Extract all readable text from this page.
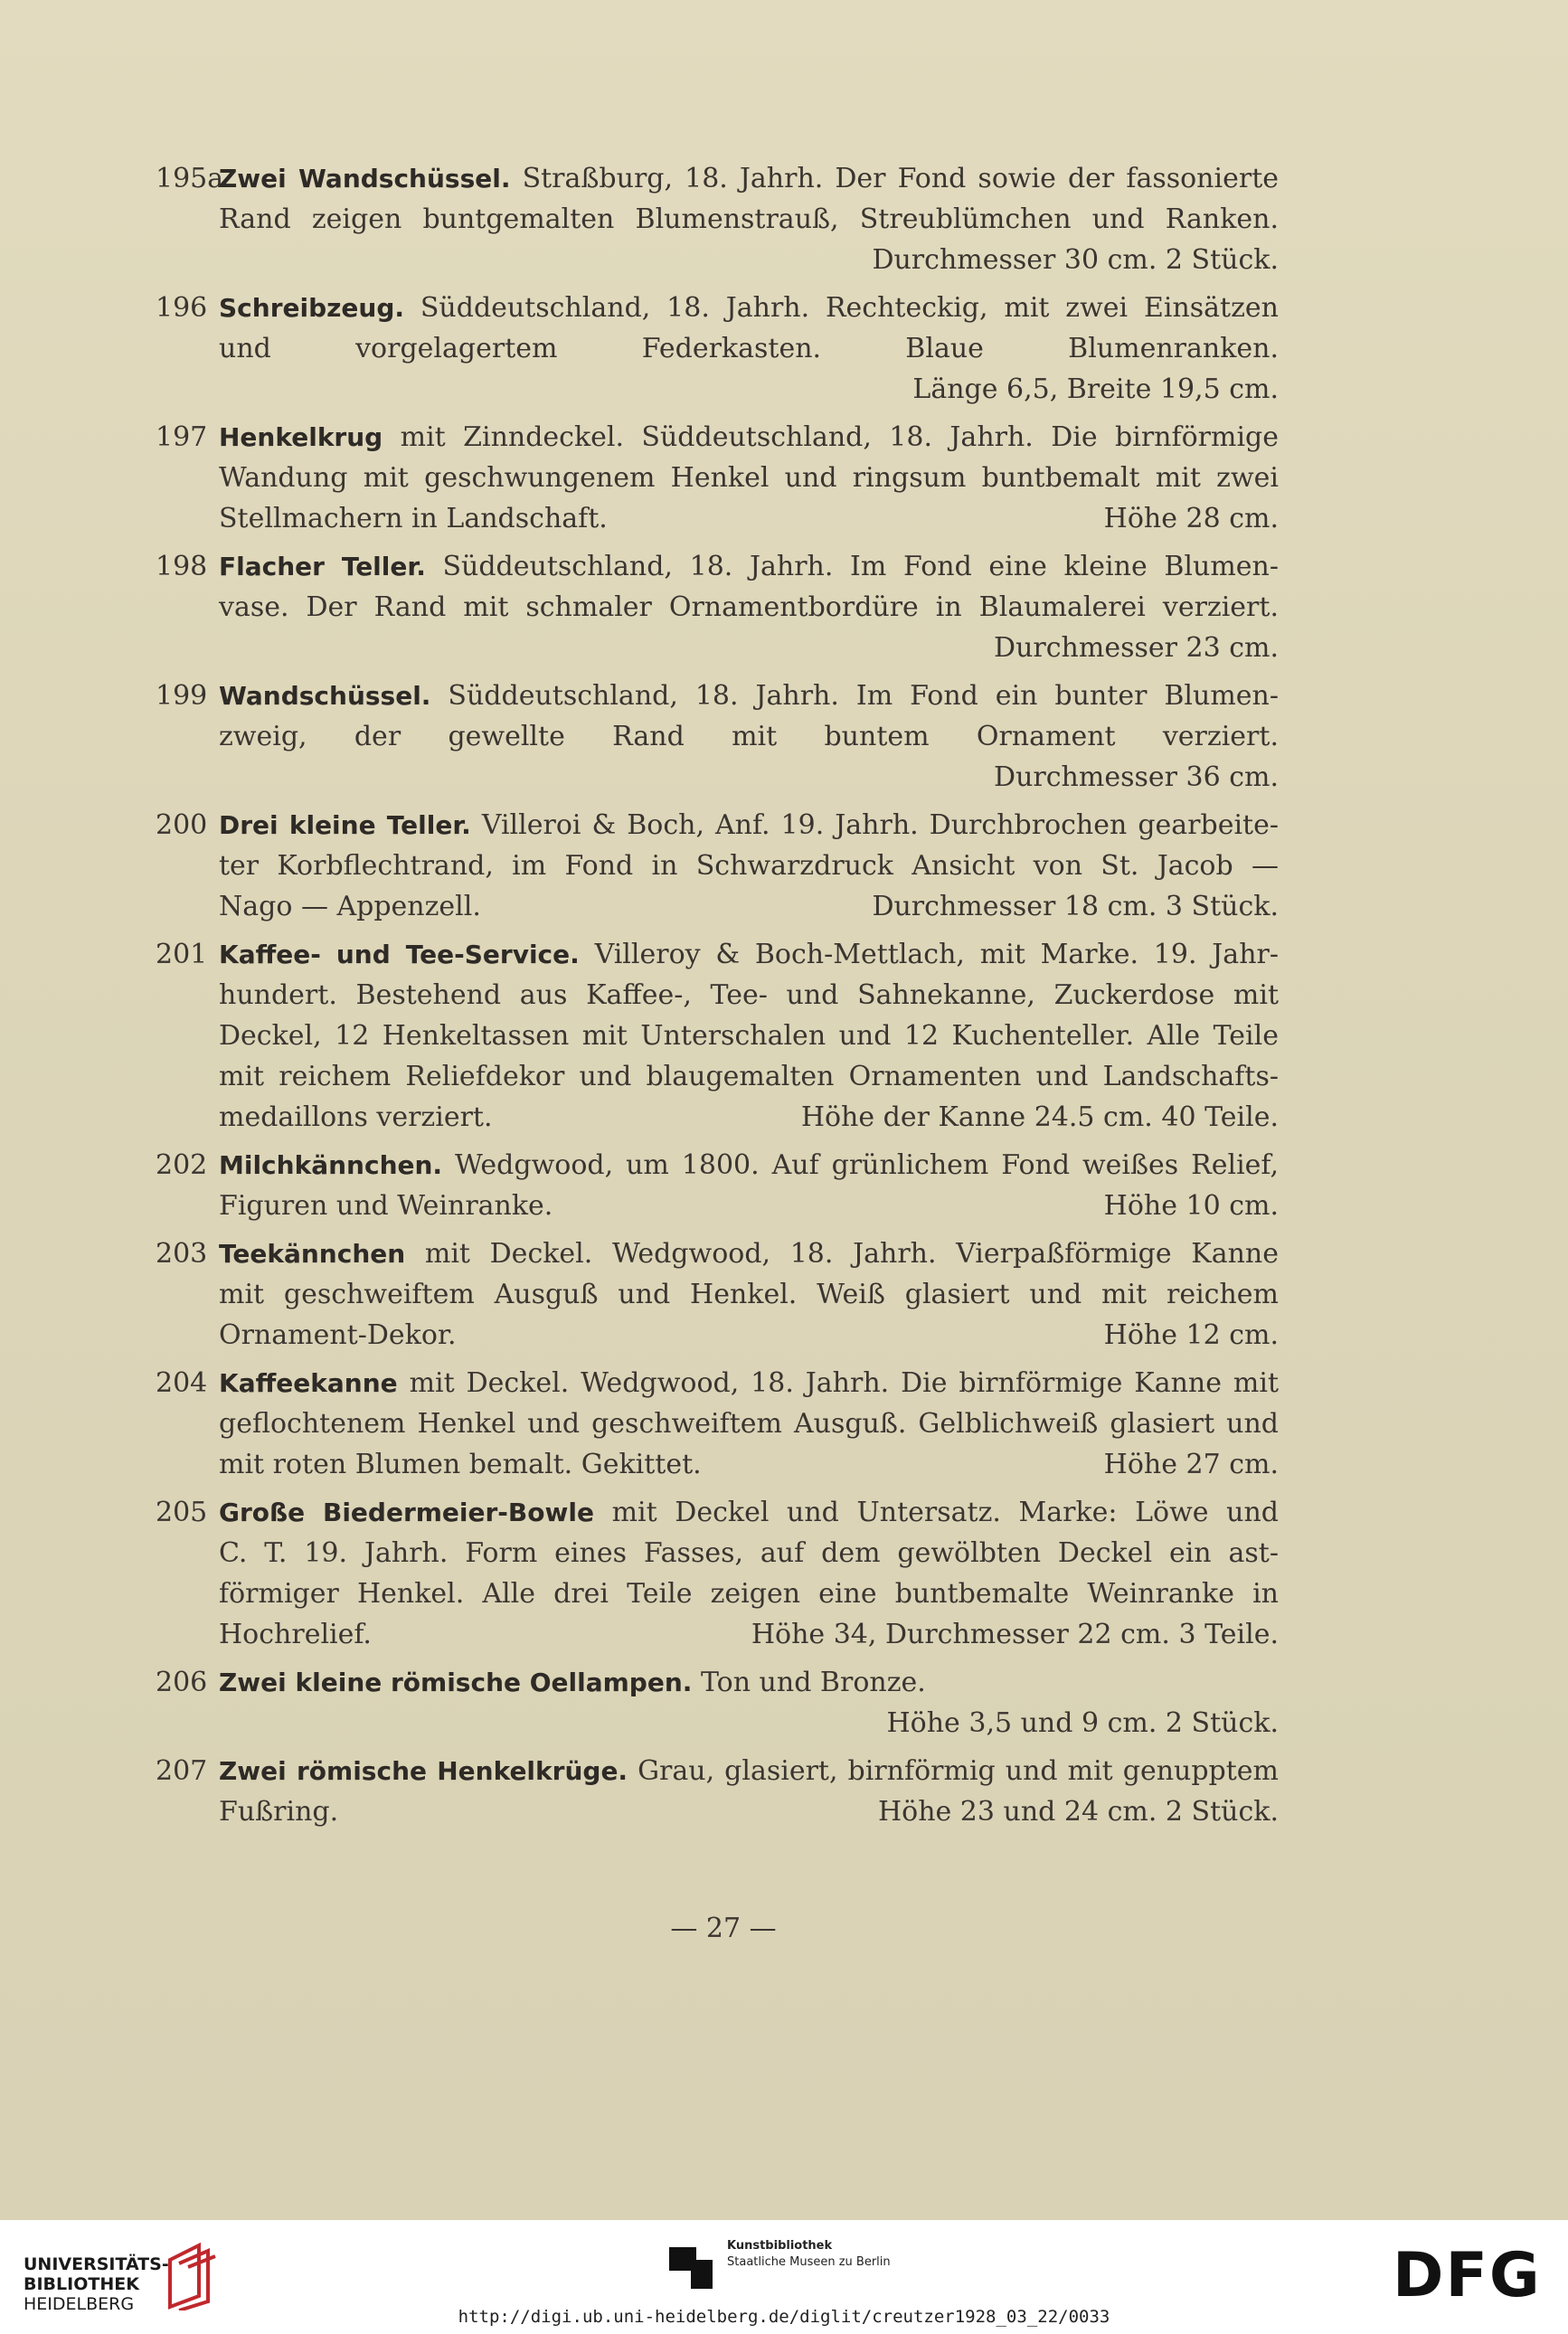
195a
Zwei Wandschüssel. Straßburg, 18. Jahrh. Der Fond sowie der fassonierte
Rand zeigen buntgemalten Blumenstrauß, Streublümchen und Ranken.
Durchmesser 30 cm. 2 Stück.
196 Schreibzeug. Süddeutschland, 18. Jahrh. Rechteckig, mit zwei Einsätzen
und vorgelagertem Federkasten. Blaue Blumenranken.
Länge 6,5, Breite 19,5 cm.
197 Henkelkrug mit Zinndeckel. Süddeutschland, 18. Jahrh. Die birnförmige
Wandung mit geschwungenem Henkel und ringsum buntbemalt mit zwei
Stellmachern in Landschaft.	Höhe 28 cm.
198 Flacher Teller. Süddeutschland, 18. Jahrh. Im Fond eine kleine Blumen-
vase. Der Rand mit schmaler Ornamentbordüre in Blaumalerei verziert.
Durchmesser 23 cm.
199 Wandschüssel. Süddeutschland, 18. Jahrh. Im Fond ein bunter Blumen-
zweig, der gewellte Rand mit buntem Ornament verziert.
Durchmesser 36 cm.
200 Drei kleine Teller. Villeroi & Boch, Anf. 19. Jahrh. Durchbrochen gearbeite-
ter Korbflechtrand, im Fond in Schwarzdruck Ansicht von St. Jacob —
Nago — Appenzell.	Durchmesser 18 cm. 3 Stück.
201 Kaffee- und Tee-Service. Villeroy & Boch-Mettlach, mit Marke. 19. Jahr-
hundert. Bestehend aus Kaffee-, Tee- und Sahnekanne, Zuckerdose mit
Deckel, 12 Henkeltassen mit Unterschalen und 12 Kuchenteller. Alle Teile
mit reichem Reliefdekor und blaugemalten Ornamenten und Landschafts-
medaillons verziert.	Höhe der Kanne 24.5 cm. 40 Teile.
202 Milchkännchen. Wedgwood, um 1800. Auf grünlichem Fond weißes Relief,
Figuren und Weinranke.	Höhe 10 cm.
203 Teekännchen mit Deckel. Wedgwood, 18. Jahrh. Vierpaßförmige Kanne
mit geschweiftem Ausguß und Henkel. Weiß glasiert und mit reichem
Ornament-Dekor.	Höhe 12 cm.
204 Kaffeekanne mit Deckel. Wedgwood, 18. Jahrh. Die birnförmige Kanne mit
geflochtenem Henkel und geschweiftem Ausguß. Gelblichweiß glasiert und
mit roten Blumen bemalt. Gekittet.	Höhe 27 cm.
205 Große Biedermeier-Bowle mit Deckel und Untersatz. Marke: Löwe und
C. T. 19. Jahrh. Form eines Fasses, auf dem gewölbten Deckel ein ast-
förmiger Henkel. Alle drei Teile zeigen eine buntbemalte Weinranke in
Hochrelief.	Höhe 34, Durchmesser 22 cm. 3 Teile.
206 Zwei kleine römische Oellampen. Ton und Bronze.
Höhe 3,5 und 9 cm. 2 Stück.
207 Zwei römische Henkelkrüge. Grau, glasiert, birnförmig und mit genupptem
Fußring.	Höhe 23 und 24 cm. 2 Stück.
— 27 —
UNIVERSITÄTS-
BIBLIOTHEK
HEIDELBERG
Kunstbibliothek
Staatliche Museen zu Berlin	DFG
http://digi.ub.uni-heidelberg.de/diglit/creutzer1928_03_22/0033
